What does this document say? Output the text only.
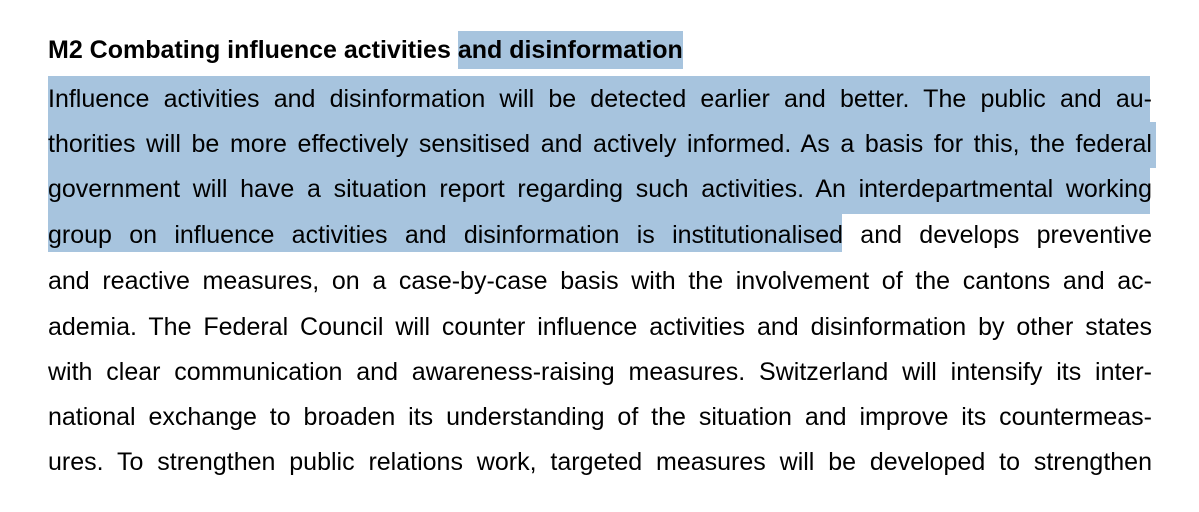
M2 Combating influence activities and disinformation
Influence activities and disinformation will be detected earlier and better. The public and au-
thorities will be more effectively sensitised and actively informed. As a basis for this, the federal
government will have a situation report regarding such activities. An interdepartmental working
group on influence activities and disinformation is institutionalised and develops preventive
and reactive measures, on a case-by-case basis with the involvement of the cantons and ac-
ademia. The Federal Council will counter influence activities and disinformation by other states
with clear communication and awareness-raising measures. Switzerland will intensify its inter-
national exchange to broaden its understanding of the situation and improve its countermeas-
ures. To strengthen public relations work, targeted measures will be developed to strengthen
